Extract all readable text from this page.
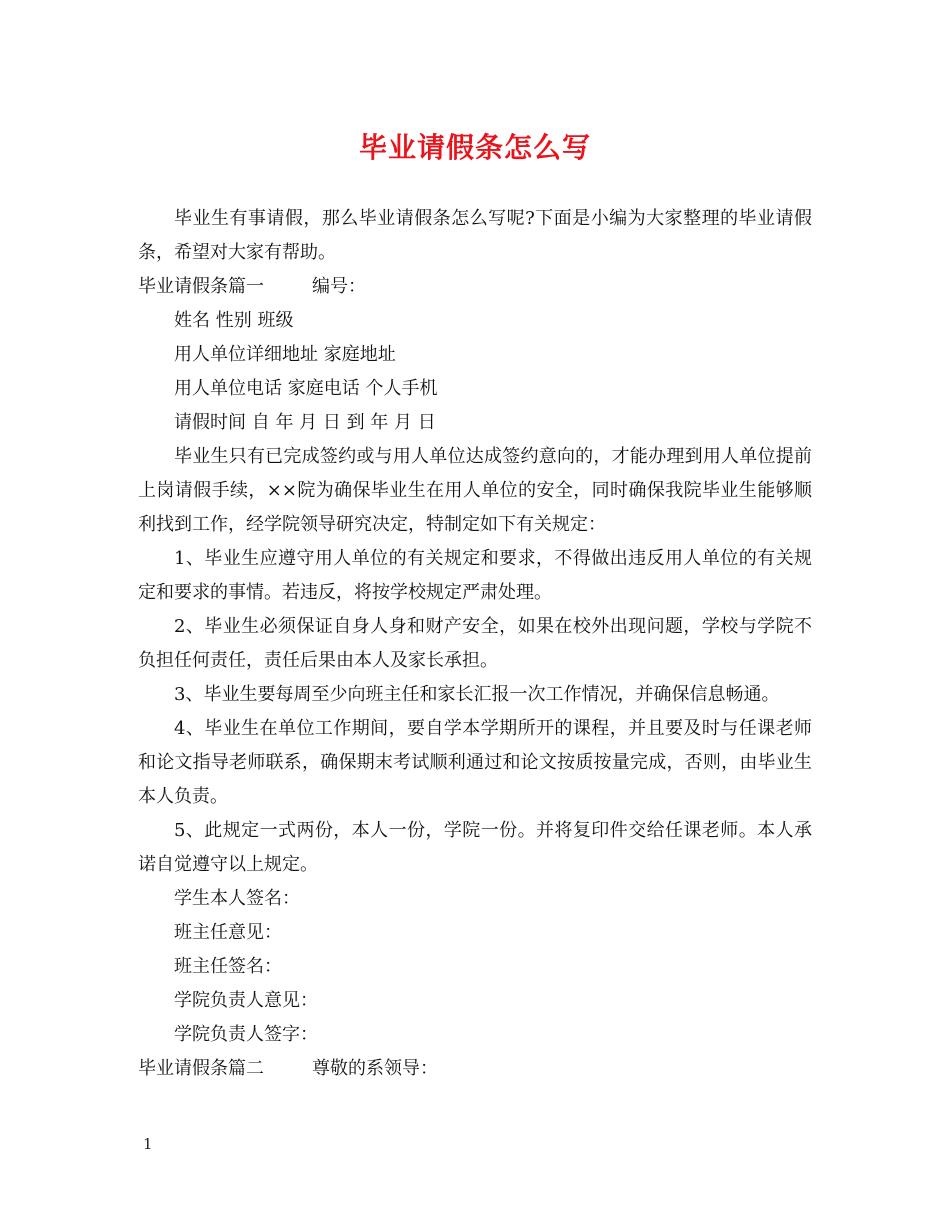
毕业请假条怎么写

毕业生有事请假，那么毕业请假条怎么写呢?下面是小编为大家整理的毕业请假条，希望对大家有帮助。

毕业请假条篇一	编号：

姓名 性别 班级

用人单位详细地址 家庭地址

用人单位电话 家庭电话 个人手机

请假时间 自 年 月 日 到 年 月 日

毕业生只有已完成签约或与用人单位达成签约意向的，才能办理到用人单位提前上岗请假手续，××院为确保毕业生在用人单位的安全，同时确保我院毕业生能够顺利找到工作，经学院领导研究决定，特制定如下有关规定：

1、毕业生应遵守用人单位的有关规定和要求，不得做出违反用人单位的有关规定和要求的事情。若违反，将按学校规定严肃处理。

2、毕业生必须保证自身人身和财产安全，如果在校外出现问题，学校与学院不负担任何责任，责任后果由本人及家长承担。

3、毕业生要每周至少向班主任和家长汇报一次工作情况，并确保信息畅通。

4、毕业生在单位工作期间，要自学本学期所开的课程，并且要及时与任课老师和论文指导老师联系，确保期末考试顺利通过和论文按质按量完成，否则，由毕业生本人负责。

5、此规定一式两份，本人一份，学院一份。并将复印件交给任课老师。本人承诺自觉遵守以上规定。

学生本人签名：

班主任意见：

班主任签名：

学院负责人意见：

学院负责人签字：

毕业请假条篇二	尊敬的系领导：

1
